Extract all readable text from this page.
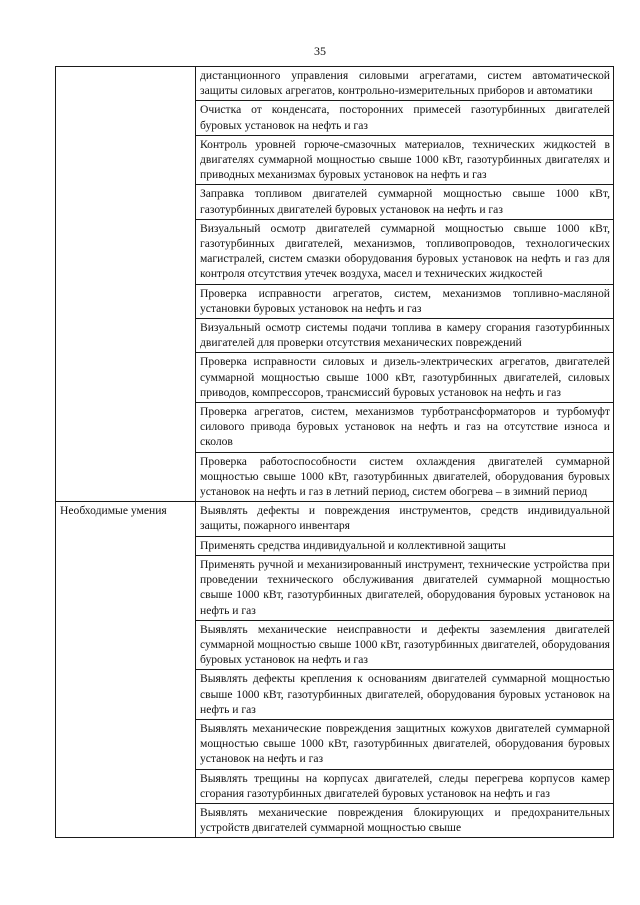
35
	дистанционного управления силовыми агрегатами, систем автоматической защиты силовых агрегатов, контрольно-измерительных приборов и автоматики
	Очистка от конденсата, посторонних примесей газотурбинных двигателей буровых установок на нефть и газ
	Контроль уровней горюче-смазочных материалов, технических жидкостей в двигателях суммарной мощностью свыше 1000 кВт, газотурбинных двигателях и приводных механизмах буровых установок на нефть и газ
	Заправка топливом двигателей суммарной мощностью свыше 1000 кВт, газотурбинных двигателей буровых установок на нефть и газ
	Визуальный осмотр двигателей суммарной мощностью свыше 1000 кВт, газотурбинных двигателей, механизмов, топливопроводов, технологических магистралей, систем смазки оборудования буровых установок на нефть и газ для контроля отсутствия утечек воздуха, масел и технических жидкостей
	Проверка исправности агрегатов, систем, механизмов топливно-масляной установки буровых установок на нефть и газ
	Визуальный осмотр системы подачи топлива в камеру сгорания газотурбинных двигателей для проверки отсутствия механических повреждений
	Проверка исправности силовых и дизель-электрических агрегатов, двигателей суммарной мощностью свыше 1000 кВт, газотурбинных двигателей, силовых приводов, компрессоров, трансмиссий буровых установок на нефть и газ
	Проверка агрегатов, систем, механизмов турботрансформаторов и турбомуфт силового привода буровых установок на нефть и газ на отсутствие износа и сколов
	Проверка работоспособности систем охлаждения двигателей суммарной мощностью свыше 1000 кВт, газотурбинных двигателей, оборудования буровых установок на нефть и газ в летний период, систем обогрева – в зимний период
Необходимые умения	Выявлять дефекты и повреждения инструментов, средств индивидуальной защиты, пожарного инвентаря
	Применять средства индивидуальной и коллективной защиты
	Применять ручной и механизированный инструмент, технические устройства при проведении технического обслуживания двигателей суммарной мощностью свыше 1000 кВт, газотурбинных двигателей, оборудования буровых установок на нефть и газ
	Выявлять механические неисправности и дефекты заземления двигателей суммарной мощностью свыше 1000 кВт, газотурбинных двигателей, оборудования буровых установок на нефть и газ
	Выявлять дефекты крепления к основаниям двигателей суммарной мощностью свыше 1000 кВт, газотурбинных двигателей, оборудования буровых установок на нефть и газ
	Выявлять механические повреждения защитных кожухов двигателей суммарной мощностью свыше 1000 кВт, газотурбинных двигателей, оборудования буровых установок на нефть и газ
	Выявлять трещины на корпусах двигателей, следы перегрева корпусов камер сгорания газотурбинных двигателей буровых установок на нефть и газ
	Выявлять механические повреждения блокирующих и предохранительных устройств двигателей суммарной мощностью свыше
